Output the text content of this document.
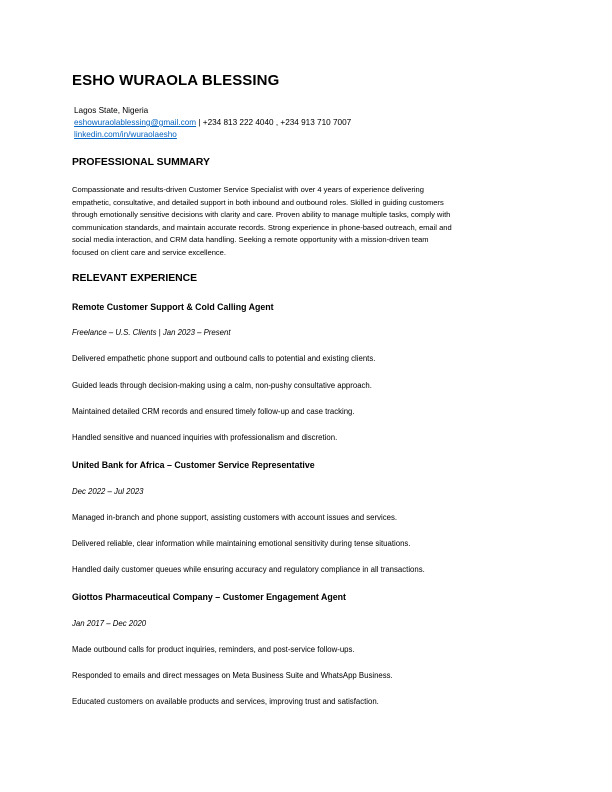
ESHO WURAOLA BLESSING
Lagos State, Nigeria
eshowuraolablessing@gmail.com | +234 813 222 4040 , +234 913 710 7007
linkedin.com/in/wuraolaesho
PROFESSIONAL SUMMARY
Compassionate and results-driven Customer Service Specialist with over 4 years of experience delivering
empathetic, consultative, and detailed support in both inbound and outbound roles. Skilled in guiding customers
through emotionally sensitive decisions with clarity and care. Proven ability to manage multiple tasks, comply with
communication standards, and maintain accurate records. Strong experience in phone-based outreach, email and
social media interaction, and CRM data handling. Seeking a remote opportunity with a mission-driven team
focused on client care and service excellence.
RELEVANT EXPERIENCE
Remote Customer Support & Cold Calling Agent
Freelance – U.S. Clients | Jan 2023 – Present
Delivered empathetic phone support and outbound calls to potential and existing clients.
Guided leads through decision-making using a calm, non-pushy consultative approach.
Maintained detailed CRM records and ensured timely follow-up and case tracking.
Handled sensitive and nuanced inquiries with professionalism and discretion.
United Bank for Africa – Customer Service Representative
Dec 2022 – Jul 2023
Managed in-branch and phone support, assisting customers with account issues and services.
Delivered reliable, clear information while maintaining emotional sensitivity during tense situations.
Handled daily customer queues while ensuring accuracy and regulatory compliance in all transactions.
Giottos Pharmaceutical Company – Customer Engagement Agent
Jan 2017 – Dec 2020
Made outbound calls for product inquiries, reminders, and post-service follow-ups.
Responded to emails and direct messages on Meta Business Suite and WhatsApp Business.
Educated customers on available products and services, improving trust and satisfaction.
